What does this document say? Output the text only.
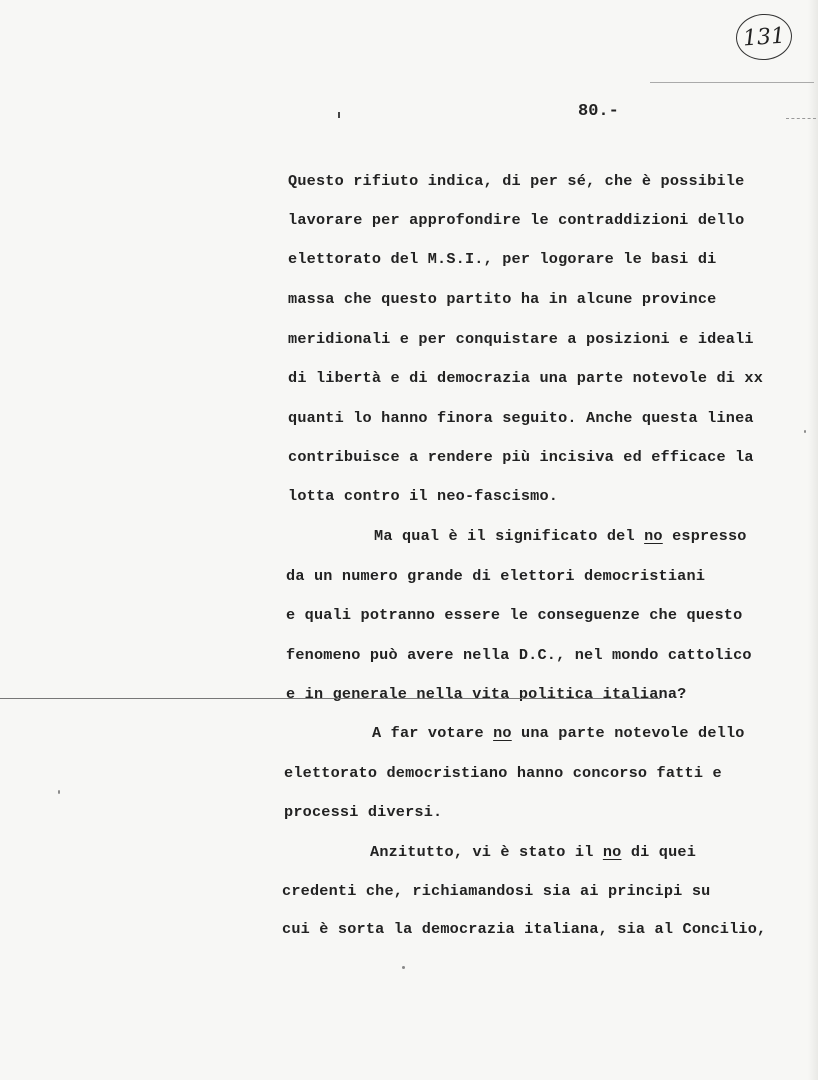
131
80.-
Questo rifiuto indica, di per sé, che è possibile
lavorare per approfondire le contraddizioni dello
elettorato del M.S.I., per logorare le basi di
massa che questo partito ha in alcune province
meridionali e per conquistare a posizioni e ideali
di libertà e di democrazia una parte notevole di xx
quanti lo hanno finora seguito. Anche questa linea
contribuisce a rendere più incisiva ed efficace la
lotta contro il neo-fascismo.
Ma qual è il significato del no espresso
da un numero grande di elettori democristiani
e quali potranno essere le conseguenze che questo
fenomeno può avere nella D.C., nel mondo cattolico
e in generale nella vita politica italiana?
A far votare no una parte notevole dello
elettorato democristiano hanno concorso fatti e
processi diversi.
Anzitutto, vi è stato il no di quei
credenti che, richiamandosi sia ai principi su
cui è sorta la democrazia italiana, sia al Concilio,
